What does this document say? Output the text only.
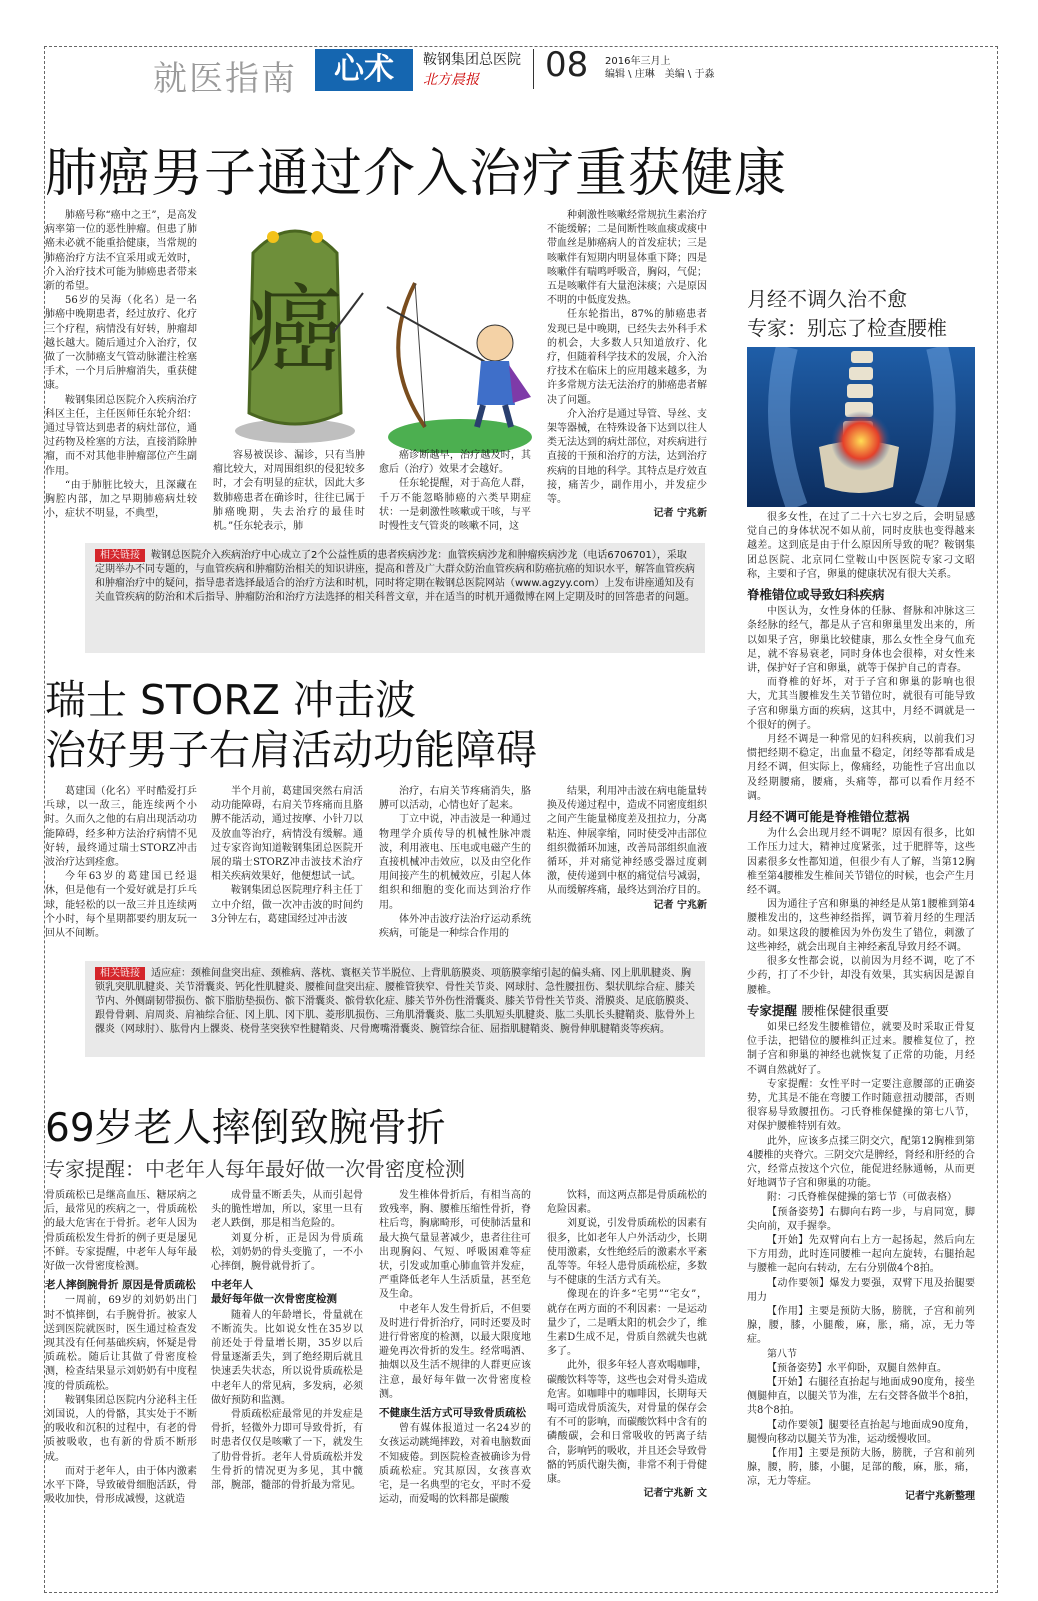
就医指南	心术	鞍钢集团总医院
北方晨报 08 2016年三月上
编辑 \ 庄琳　美编 \ 于淼
肺癌男子通过介入治疗重获健康

肺癌号称“癌中之王”，是高发病率第一位的恶性肿瘤。但患了肺癌未必就不能重拾健康，当常规的肺癌治疗方法不宜采用或无效时，介入治疗技术可能为肺癌患者带来新的希望。

56岁的吴海（化名）是一名肺癌中晚期患者，经过放疗、化疗三个疗程，病情没有好转，肿瘤却越长越大。随后通过介入治疗，仅做了一次肺癌支气管动脉灌注栓塞手术，一个月后肿瘤消失，重获健康。

鞍钢集团总医院介入疾病治疗科区主任，主任医师任东轮介绍：通过导管达到患者的病灶部位，通过药物及栓塞的方法，直接消除肿瘤，而不对其他非肿瘤部位产生副作用。

“由于肺脏比较大，且深藏在胸腔内部，加之早期肺癌病灶较小，症状不明显，不典型，

癌

容易被误诊、漏诊，只有当肿瘤比较大，对周围组织的侵犯较多时，才会有明显的症状，因此大多数肺癌患者在确诊时，往往已属于肺癌晚期，失去治疗的最佳时机。”任东轮表示，肺

癌诊断越早，治疗越及时，其愈后（治疗）效果才会越好。

任东轮提醒，对于高危人群，千万不能忽略肺癌的六类早期症状：一是刺激性咳嗽或干咳，与平时慢性支气管炎的咳嗽不同，这

种刺激性咳嗽经常规抗生素治疗不能缓解；二是间断性咳血痰或痰中带血丝是肺癌病人的首发症状；三是咳嗽伴有短期内明显体重下降；四是咳嗽伴有喘鸣呼吸音，胸闷，气促；五是咳嗽伴有大量泡沫痰；六是原因不明的中低度发热。

任东轮指出，87%的肺癌患者发现已是中晚期，已经失去外科手术的机会，大多数人只知道放疗、化疗，但随着科学技术的发展，介入治疗技术在临床上的应用越来越多，为许多常规方法无法治疗的肺癌患者解决了问题。

介入治疗是通过导管、导丝、支架等器械，在特殊设备下达到以往人类无法达到的病灶部位，对疾病进行直接的干预和治疗的方法，达到治疗疾病的目地的科学。其特点是疗效直接，痛苦少，副作用小，并发症少等。

记者 宁兆新
相关链接 鞍钢总医院介入疾病治疗中心成立了2个公益性质的患者疾病沙龙：血管疾病沙龙和肿瘤疾病沙龙（电话6706701），采取定期举办不同专题的，与血管疾病和肿瘤防治相关的知识讲座，提高和普及广大群众防治血管疾病和防癌抗癌的知识水平，解答血管疾病和肿瘤治疗中的疑问，指导患者选择最适合的治疗方法和时机，同时将定期在鞍钢总医院网站（www.agzyy.com）上发布讲座通知及有关血管疾病的防治和术后指导、肿瘤防治和治疗方法选择的相关科普文章，并在适当的时机开通微博在网上定期及时的回答患者的问题。
瑞士 STORZ 冲击波
治好男子右肩活动功能障碍

葛建国（化名）平时酷爱打乒乓球，以一敌三，能连续两个小时。久而久之他的右肩出现活动功能障碍，经多种方法治疗病情不见好转，最终通过瑞士STORZ冲击波治疗达到痊愈。

今年63岁的葛建国已经退休，但是他有一个爱好就是打乒乓球，能轻松的以一敌三并且连续两个小时，每个星期都要约朋友玩一回从不间断。

半个月前，葛建国突然右肩活动功能障碍，右肩关节疼痛而且胳膊不能活动，通过按摩、小针刀以及放血等治疗，病情没有缓解。通过专家咨询知道鞍钢集团总医院开展的瑞士STORZ冲击波技术治疗相关疾病效果好，他便想试一试。

鞍钢集团总医院理疗科主任丁立中介绍，做一次冲击波的时间约3分钟左右，葛建国经过冲击波

治疗，右肩关节疼痛消失，胳膊可以活动，心情也好了起来。

丁立中说，冲击波是一种通过物理学介质传导的机械性脉冲震波，利用液电、压电或电磁产生的直接机械冲击效应，以及由空化作用间接产生的机械效应，引起人体组织和细胞的变化而达到治疗作用。

体外冲击波疗法治疗运动系统疾病，可能是一种综合作用的

结果，利用冲击波在病电能量转换及传递过程中，造成不同密度组织之间产生能量梯度差及扭拉力，分离粘连、伸展挛缩，同时使受冲击部位组织微循环加速，改善局部组织血液循环，并对痛觉神经感受器过度刺激，使传递到中枢的痛觉信号减弱，从而缓解疼痛，最终达到治疗目的。

记者 宁兆新
相关链接 适应症：颈椎间盘突出症、颈椎病、落枕、寰枢关节半脱位、上背肌筋膜炎、项筋膜挛缩引起的偏头痛、冈上肌肌腱炎、胸锁乳突肌肌腱炎、关节滑囊炎、钙化性肌腱炎、腰椎间盘突出症、腰椎管狭窄、骨性关节炎、网球肘、急性腰扭伤、梨状肌综合症、膝关节内、外侧副韧带损伤、髌下脂肪垫损伤、髌下滑囊炎、髌骨软化症、膝关节外伤性滑囊炎、膝关节骨性关节炎、滑膜炎、足底筋膜炎、跟骨骨刺、肩周炎、肩袖综合征、冈上肌、冈下肌、菱形肌损伤、三角肌滑囊炎、肱二头肌短头肌腱炎、肱二头肌长头腱鞘炎、肱骨外上髁炎（网球肘）、肱骨内上髁炎、桡骨茎突狭窄性腱鞘炎、尺骨鹰嘴滑囊炎、腕管综合征、屈指肌腱鞘炎、腕骨伸肌腱鞘炎等疾病。
69岁老人摔倒致腕骨折
专家提醒：中老年人每年最好做一次骨密度检测

骨质疏松已是继高血压、糖尿病之后，最常见的疾病之一，骨质疏松的最大危害在于骨折。老年人因为骨质疏松发生骨折的例子更是屡见不鲜。专家提醒，中老年人每年最好做一次骨密度检测。

老人摔倒腕骨折 原因是骨质疏松

一周前，69岁的刘奶奶出门时不慎摔倒，右手腕骨折。被家人送到医院就医时，医生通过检查发现其没有任何基础疾病，怀疑是骨质疏松。随后让其做了骨密度检测，检查结果显示刘奶奶有中度程度的骨质疏松。

鞍钢集团总医院内分泌科主任刘国说，人的骨骼，其实处于不断的吸收和沉积的过程中，有老的骨质被吸收，也有新的骨质不断形成。

而对于老年人，由于体内激素水平下降，导致破骨细胞活跃，骨吸收加快，骨形成减慢，这就造

成骨量不断丢失，从而引起骨头的脆性增加，所以，家里一旦有老人跌倒，那是相当危险的。

刘夏分析，正是因为骨质疏松，刘奶奶的骨头变脆了，一不小心摔倒，腕骨就骨折了。

中老年人
最好每年做一次骨密度检测

随着人的年龄增长，骨量就在不断流失。比如说女性在35岁以前还处于骨量增长期，35岁以后骨量逐渐丢失，到了绝经期后就且快速丢失状态，所以说骨质疏松是中老年人的常见病，多发病，必须做好预防和监测。

骨质疏松症最常见的并发症是骨折，轻微外力即可导致骨折，有时患者仅仅是咳嗽了一下，就发生了肋骨骨折。老年人骨质疏松并发生骨折的情况更为多见，其中髋部，腕部，髓部的骨折最为常见。

发生椎体骨折后，有相当高的致残率，胸、腰椎压缩性骨折，脊柱后弯，胸廓畸形，可使肺活量和最大换气量显著减少，患者往往可出现胸闷、气短、呼吸困难等症状，引发或加重心肺血管并发症，严重降低老年人生活质量，甚至危及生命。

中老年人发生骨折后，不但要及时进行骨折治疗，同时还要及时进行骨密度的检测，以最大限度地避免再次骨折的发生。经常喝酒、抽烟以及生活不规律的人群更应该注意，最好每年做一次骨密度检测。

不健康生活方式可导致骨质疏松

曾有媒体报道过一名24岁的女孩运动跳绳摔跤，对着电脑数面不知疲倦。到医院检查被确诊为骨质疏松症。究其原因，女孩喜欢宅，是一名典型的宅女，平时不爱运动，而爱喝的饮料都是碳酸

饮料，而这两点都是骨质疏松的危险因素。

刘夏说，引发骨质疏松的因素有很多，比如老年人户外活动少，长期使用激素，女性绝经后的激素水平紊乱等等。年轻人患骨质疏松症，多数与不健康的生活方式有关。

像现在的许多“宅男”“宅女”，就存在两方面的不利因素：一是运动量少了，二是晒太阳的机会少了，维生素D生成不足，骨质自然就失也就多了。

此外，很多年轻人喜欢喝咖啡，碳酸饮料等等，这些也会对骨头造成危害。如咖啡中的咖啡因，长期每天喝可造成骨质流失，对骨量的保存会有不可的影响，而碳酸饮料中含有的磷酸碳，会和日常吸收的钙离子结合，影响钙的吸收，并且还会导致骨骼的钙质代谢失衡，非常不利于骨健康。

记者宁兆新 文
月经不调久治不愈
专家：别忘了检查腰椎

很多女性，在过了二十六七岁之后，会明显感觉自己的身体状况不如从前，同时皮肤也变得越来越差。这到底是由于什么原因所导致的呢？鞍钢集团总医院、北京同仁堂鞍山中医医院专家刁文昭称，主要和子宫，卵巢的健康状况有很大关系。

脊椎错位或导致妇科疾病

中医认为，女性身体的任脉、督脉和冲脉这三条经脉的经气，都是从子宫和卵巢里发出来的，所以如果子宫，卵巢比较健康，那么女性全身气血充足，就不容易衰老，同时身体也会很棒，对女性来讲，保护好子宫和卵巢，就等于保护自己的青春。

而脊椎的好坏，对于子宫和卵巢的影响也很大，尤其当腰椎发生关节错位时，就很有可能导致子宫和卵巢方面的疾病，这其中，月经不调就是一个很好的例子。

月经不调是一种常见的妇科疾病，以前我们习惯把经期不稳定，出血量不稳定，闭经等都看成是月经不调，但实际上，像痛经，功能性子宫出血以及经期腰痛，腰痛，头痛等，都可以看作月经不调。

月经不调可能是脊椎错位惹祸

为什么会出现月经不调呢？原因有很多，比如工作压力过大，精神过度紧张，过于肥胖等，这些因素很多女性都知道，但很少有人了解，当第12胸椎至第4腰椎发生椎间关节错位的时候，也会产生月经不调。

因为通往子宫和卵巢的神经是从第1腰椎到第4腰椎发出的，这些神经指挥，调节着月经的生理活动。如果这段的腰椎因为外伤发生了错位，刺激了这些神经，就会出现自主神经紊乱导致月经不调。

很多女性都会说，以前因为月经不调，吃了不少药，打了不少针，却没有效果，其实病因是源自腰椎。

专家提醒 腰椎保健很重要

如果已经发生腰椎错位，就要及时采取正骨复位手法，把错位的腰椎纠正过来。腰椎复位了，控制子宫和卵巢的神经也就恢复了正常的功能，月经不调自然就好了。

专家提醒：女性平时一定要注意腰部的正确姿势，尤其是不能在弯腰工作时随意扭动腰部，否则很容易导致腰扭伤。刁氏脊椎保健操的第七八节，对保护腰椎特别有效。

此外，应该多点揉三阴交穴，配第12胸椎到第4腰椎的夹脊穴。三阴交穴是脾经，肾经和肝经的合穴，经常点按这个穴位，能促进经脉通畅，从而更好地调节子宫和卵巢的功能。

附：刁氏脊椎保健操的第七节（可做表格）

【预备姿势】右脚向右跨一步，与肩同宽，脚尖向前，双手握拳。

【开始】先双臂向右上方一起扬起，然后向左下方用劲，此时连同腰椎一起向左旋转，右腿抬起与腰椎一起向右转动，左右分别做4个8拍。

【动作要领】爆发力要强，双臂下甩及抬腿要用力

【作用】主要是预防大肠，膀胱，子宫和前列腺，腰，膝，小腿酸，麻，胀，痛，凉，无力等症。

第八节

【预备姿势】水平仰卧，双腿自然伸直。

【开始】右腿径直抬起与地面成90度角，接坐侧腿伸直，以腿关节为准，左右交替各做半个8拍，共8个8拍。

【动作要领】腿要径直抬起与地面成90度角，腿慢向移动以腿关节为准，运动缓慢收回。

【作用】主要是预防大肠，膀胱，子宫和前列腺，腰，胯，膝，小腿，足部的酸，麻，胀，痛，凉，无力等症。

记者宁兆新整理
